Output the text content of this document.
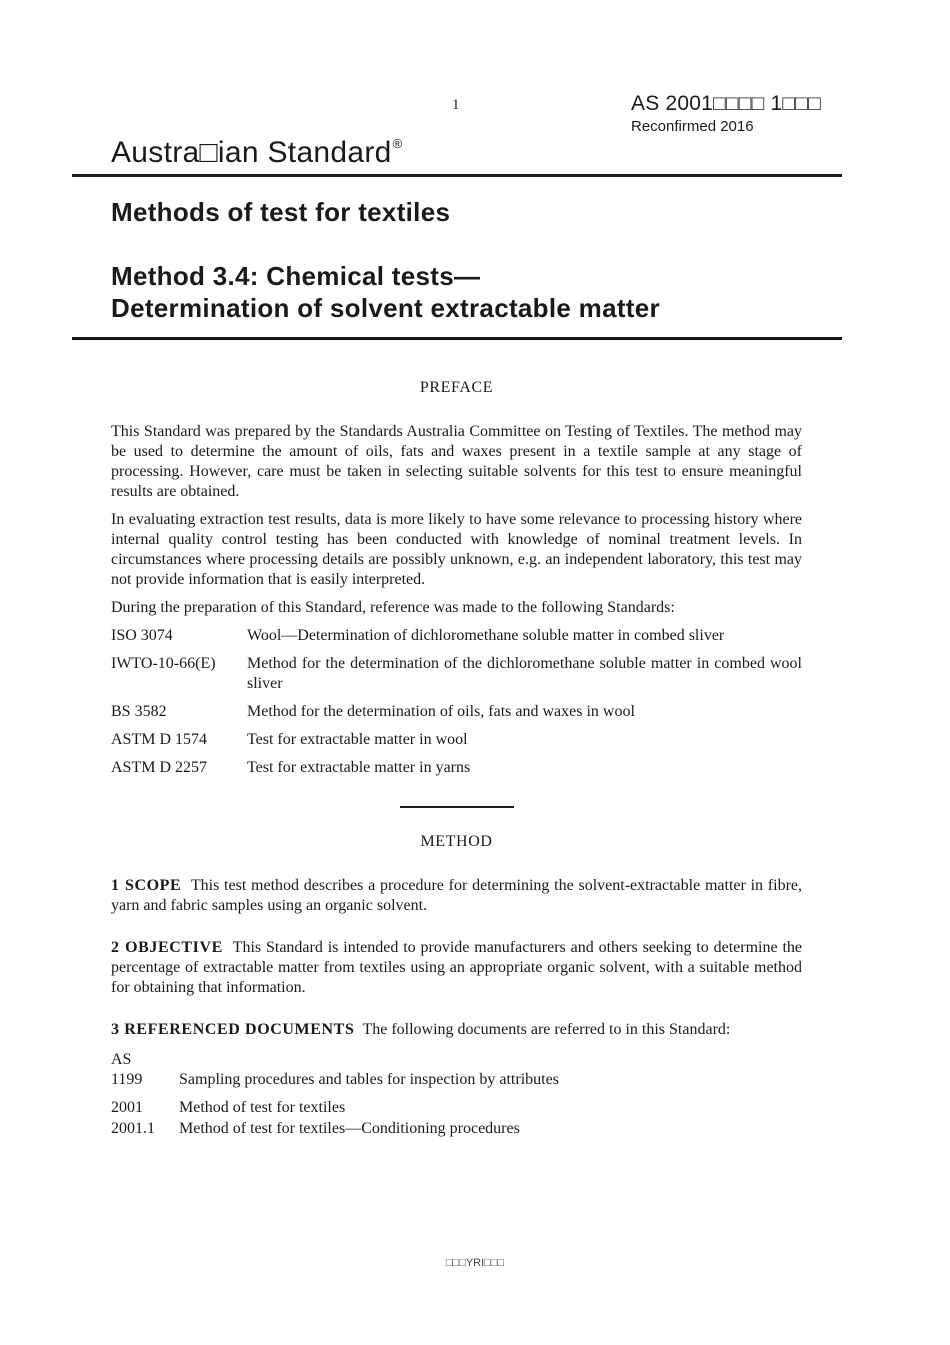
1	AS 2001□□□□ 1□□□
Reconfirmed 2016
Austra□ian Standard®
Methods of test for textiles
Method 3.4: Chemical tests—
Determination of solvent extractable matter
PREFACE

This Standard was prepared by the Standards Australia Committee on Testing of Textiles. The method may be used to determine the amount of oils, fats and waxes present in a textile sample at any stage of processing. However, care must be taken in selecting suitable solvents for this test to ensure meaningful results are obtained.

In evaluating extraction test results, data is more likely to have some relevance to processing history where internal quality control testing has been conducted with knowledge of nominal treatment levels. In circumstances where processing details are possibly unknown, e.g. an independent laboratory, this test may not provide information that is easily interpreted.

During the preparation of this Standard, reference was made to the following Standards:

ISO 3074	Wool—Determination of dichloromethane soluble matter in combed sliver
IWTO-10-66(E)	Method for the determination of the dichloromethane soluble matter in combed wool sliver
BS 3582	Method for the determination of oils, fats and waxes in wool
ASTM D 1574	Test for extractable matter in wool
ASTM D 2257	Test for extractable matter in yarns
METHOD

1 SCOPE This test method describes a procedure for determining the solvent-extractable matter in fibre, yarn and fabric samples using an organic solvent.

2 OBJECTIVE This Standard is intended to provide manufacturers and others seeking to determine the percentage of extractable matter from textiles using an appropriate organic solvent, with a suitable method for obtaining that information.

3 REFERENCED DOCUMENTS The following documents are referred to in this Standard:

AS
1199	Sampling procedures and tables for inspection by attributes
2001	Method of test for textiles
2001.1	Method of test for textiles—Conditioning procedures
□□□YRI□□□
